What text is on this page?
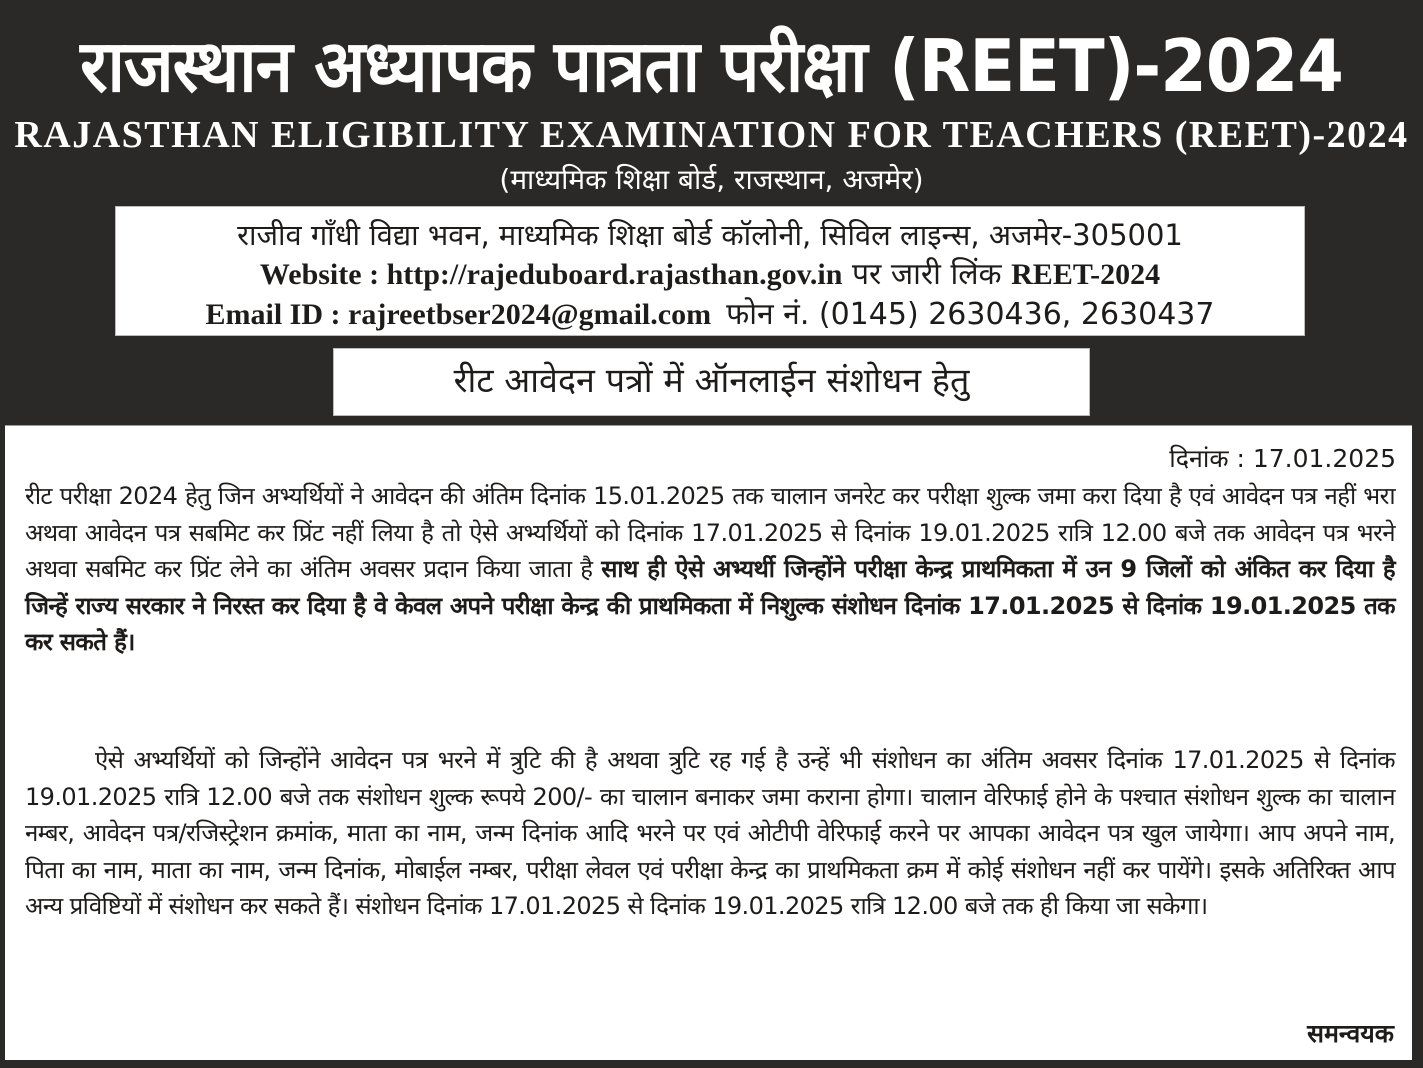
राजस्थान अध्यापक पात्रता परीक्षा (REET)-2024
RAJASTHAN ELIGIBILITY EXAMINATION FOR TEACHERS (REET)-2024
(माध्यमिक शिक्षा बोर्ड, राजस्थान, अजमेर)
राजीव गाँधी विद्या भवन, माध्यमिक शिक्षा बोर्ड कॉलोनी, सिविल लाइन्स, अजमेर-305001
Website : http://rajeduboard.rajasthan.gov.in पर जारी लिंक REET-2024
Email ID : rajreetbser2024@gmail.com फोन नं. (0145) 2630436, 2630437
रीट आवेदन पत्रों में ऑनलाईन संशोधन हेतु
दिनांक : 17.01.2025
रीट परीक्षा 2024 हेतु जिन अभ्यर्थियों ने आवेदन की अंतिम दिनांक 15.01.2025 तक चालान जनरेट कर परीक्षा शुल्क जमा करा दिया है एवं आवेदन पत्र नहीं भरा अथवा आवेदन पत्र सबमिट कर प्रिंट नहीं लिया है तो ऐसे अभ्यर्थियों को दिनांक 17.01.2025 से दिनांक 19.01.2025 रात्रि 12.00 बजे तक आवेदन पत्र भरने अथवा सबमिट कर प्रिंट लेने का अंतिम अवसर प्रदान किया जाता है साथ ही ऐसे अभ्यर्थी जिन्होंने परीक्षा केन्द्र प्राथमिकता में उन 9 जिलों को अंकित कर दिया है जिन्हें राज्य सरकार ने निरस्त कर दिया है वे केवल अपने परीक्षा केन्द्र की प्राथमिकता में निशुल्क संशोधन दिनांक 17.01.2025 से दिनांक 19.01.2025 तक कर सकते हैं।
ऐसे अभ्यर्थियों को जिन्होंने आवेदन पत्र भरने में त्रुटि की है अथवा त्रुटि रह गई है उन्हें भी संशोधन का अंतिम अवसर दिनांक 17.01.2025 से दिनांक 19.01.2025 रात्रि 12.00 बजे तक संशोधन शुल्क रूपये 200/- का चालान बनाकर जमा कराना होगा। चालान वेरिफाई होने के पश्चात संशोधन शुल्क का चालान नम्बर, आवेदन पत्र/रजिस्ट्रेशन क्रमांक, माता का नाम, जन्म दिनांक आदि भरने पर एवं ओटीपी वेरिफाई करने पर आपका आवेदन पत्र खुल जायेगा। आप अपने नाम, पिता का नाम, माता का नाम, जन्म दिनांक, मोबाईल नम्बर, परीक्षा लेवल एवं परीक्षा केन्द्र का प्राथमिकता क्रम में कोई संशोधन नहीं कर पायेंगे। इसके अतिरिक्त आप अन्य प्रविष्टियों में संशोधन कर सकते हैं। संशोधन दिनांक 17.01.2025 से दिनांक 19.01.2025 रात्रि 12.00 बजे तक ही किया जा सकेगा।
समन्वयक
